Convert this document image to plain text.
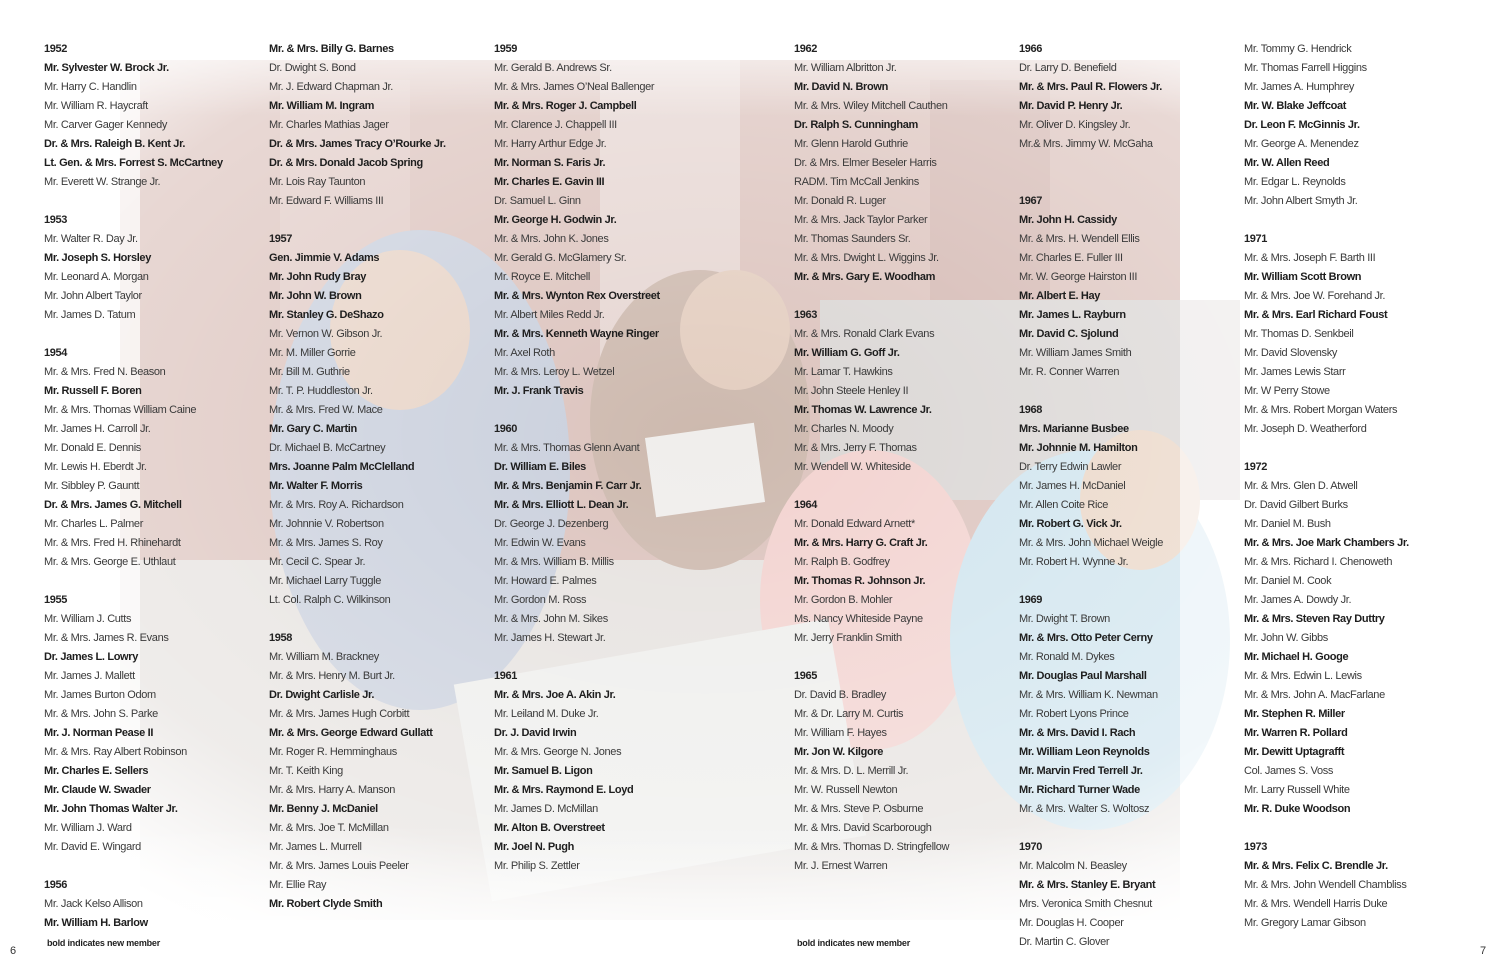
1952
Mr. Sylvester W. Brock Jr.
Mr. Harry C. Handlin
Mr. William R. Haycraft
Mr. Carver Gager Kennedy
Dr. & Mrs. Raleigh B. Kent Jr.
Lt. Gen. & Mrs. Forrest S. McCartney
Mr. Everett W. Strange Jr.
1953
Mr. Walter R. Day Jr.
Mr. Joseph S. Horsley
Mr. Leonard A. Morgan
Mr. John Albert Taylor
Mr. James D. Tatum
1954
Mr. & Mrs. Fred N. Beason
Mr. Russell F. Boren
Mr. & Mrs. Thomas William Caine
Mr. James H. Carroll Jr.
Mr. Donald E. Dennis
Mr. Lewis H. Eberdt Jr.
Mr. Sibbley P. Gauntt
Dr. & Mrs. James G. Mitchell
Mr. Charles L. Palmer
Mr. & Mrs. Fred H. Rhinehardt
Mr. & Mrs. George E. Uthlaut
1955
Mr. William J. Cutts
Mr. & Mrs. James R. Evans
Dr. James L. Lowry
Mr. James J. Mallett
Mr. James Burton Odom
Mr. & Mrs. John S. Parke
Mr. J. Norman Pease II
Mr. & Mrs. Ray Albert Robinson
Mr. Charles E. Sellers
Mr. Claude W. Swader
Mr. John Thomas Walter Jr.
Mr. William J. Ward
Mr. David E. Wingard
1956
Mr. Jack Kelso Allison
Mr. William H. Barlow
Mr. & Mrs. Billy G. Barnes
Dr. Dwight S. Bond
Mr. J. Edward Chapman Jr.
Mr. William M. Ingram
Mr. Charles Mathias Jager
Dr. & Mrs. James Tracy O’Rourke Jr.
Dr. & Mrs. Donald Jacob Spring
Mr. Lois Ray Taunton
Mr. Edward F. Williams III
1957
Gen. Jimmie V. Adams
Mr. John Rudy Bray
Mr. John W. Brown
Mr. Stanley G. DeShazo
Mr. Vernon W. Gibson Jr.
Mr. M. Miller Gorrie
Mr. Bill M. Guthrie
Mr. T. P. Huddleston Jr.
Mr. & Mrs. Fred W. Mace
Mr. Gary C. Martin
Dr. Michael B. McCartney
Mrs. Joanne Palm McClelland
Mr. Walter F. Morris
Mr. & Mrs. Roy A. Richardson
Mr. Johnnie V. Robertson
Mr. & Mrs. James S. Roy
Mr. Cecil C. Spear Jr.
Mr. Michael Larry Tuggle
Lt. Col. Ralph C. Wilkinson
1958
Mr. William M. Brackney
Mr. & Mrs. Henry M. Burt Jr.
Dr. Dwight Carlisle Jr.
Mr. & Mrs. James Hugh Corbitt
Mr. & Mrs. George Edward Gullatt
Mr. Roger R. Hemminghaus
Mr. T. Keith King
Mr. & Mrs. Harry A. Manson
Mr. Benny J. McDaniel
Mr. & Mrs. Joe T. McMillan
Mr. James L. Murrell
Mr. & Mrs. James Louis Peeler
Mr. Ellie Ray
Mr. Robert Clyde Smith
1959
Mr. Gerald B. Andrews Sr.
Mr. & Mrs. James O’Neal Ballenger
Mr. & Mrs. Roger J. Campbell
Mr. Clarence J. Chappell III
Mr. Harry Arthur Edge Jr.
Mr. Norman S. Faris Jr.
Mr. Charles E. Gavin III
Dr. Samuel L. Ginn
Mr. George H. Godwin Jr.
Mr. & Mrs. John K. Jones
Mr. Gerald G. McGlamery Sr.
Mr. Royce E. Mitchell
Mr. & Mrs. Wynton Rex Overstreet
Mr. Albert Miles Redd Jr.
Mr. & Mrs. Kenneth Wayne Ringer
Mr. Axel Roth
Mr. & Mrs. Leroy L. Wetzel
Mr. J. Frank Travis
1960
Mr. & Mrs. Thomas Glenn Avant
Dr. William E. Biles
Mr. & Mrs. Benjamin F. Carr Jr.
Mr. & Mrs. Elliott L. Dean Jr.
Dr. George J. Dezenberg
Mr. Edwin W. Evans
Mr. & Mrs. William B. Millis
Mr. Howard E. Palmes
Mr. Gordon M. Ross
Mr. & Mrs. John M. Sikes
Mr. James H. Stewart Jr.
1961
Mr. & Mrs. Joe A. Akin Jr.
Mr. Leiland M. Duke Jr.
Dr. J. David Irwin
Mr. & Mrs. George N. Jones
Mr. Samuel B. Ligon
Mr. & Mrs. Raymond E. Loyd
Mr. James D. McMillan
Mr. Alton B. Overstreet
Mr. Joel N. Pugh
Mr. Philip S. Zettler
1962
Mr. William Albritton Jr.
Mr. David N. Brown
Mr. & Mrs. Wiley Mitchell Cauthen
Dr. Ralph S. Cunningham
Mr. Glenn Harold Guthrie
Dr. & Mrs. Elmer Beseler Harris
RADM. Tim McCall Jenkins
Mr. Donald R. Luger
Mr. & Mrs. Jack Taylor Parker
Mr. Thomas Saunders Sr.
Mr. & Mrs. Dwight L. Wiggins Jr.
Mr. & Mrs. Gary E. Woodham
1963
Mr. & Mrs. Ronald Clark Evans
Mr. William G. Goff Jr.
Mr. Lamar T. Hawkins
Mr. John Steele Henley II
Mr. Thomas W. Lawrence Jr.
Mr. Charles N. Moody
Mr. & Mrs. Jerry F. Thomas
Mr. Wendell W. Whiteside
1964
Mr. Donald Edward Arnett*
Mr. & Mrs. Harry G. Craft Jr.
Mr. Ralph B. Godfrey
Mr. Thomas R. Johnson Jr.
Mr. Gordon B. Mohler
Ms. Nancy Whiteside Payne
Mr. Jerry Franklin Smith
1965
Dr. David B. Bradley
Mr. & Dr. Larry M. Curtis
Mr. William F. Hayes
Mr. Jon W. Kilgore
Mr. & Mrs. D. L. Merrill Jr.
Mr. W. Russell Newton
Mr. & Mrs. Steve P. Osburne
Mr. & Mrs. David Scarborough
Mr. & Mrs. Thomas D. Stringfellow
Mr. J. Ernest Warren
1966
Dr. Larry D. Benefield
Mr. & Mrs. Paul R. Flowers Jr.
Mr. David P. Henry Jr.
Mr. Oliver D. Kingsley Jr.
Mr.& Mrs. Jimmy W. McGaha
1967
Mr. John H. Cassidy
Mr. & Mrs. H. Wendell Ellis
Mr. Charles E. Fuller III
Mr. W. George Hairston III
Mr. Albert E. Hay
Mr. James L. Rayburn
Mr. David C. Sjolund
Mr. William James Smith
Mr. R. Conner Warren
1968
Mrs. Marianne Busbee
Mr. Johnnie M. Hamilton
Dr. Terry Edwin Lawler
Mr. James H. McDaniel
Mr. Allen Coite Rice
Mr. Robert G. Vick Jr.
Mr. & Mrs. John Michael Weigle
Mr. Robert H. Wynne Jr.
1969
Mr. Dwight T. Brown
Mr. & Mrs. Otto Peter Cerny
Mr. Ronald M. Dykes
Mr. Douglas Paul Marshall
Mr. & Mrs. William K. Newman
Mr. Robert Lyons Prince
Mr. & Mrs. David I. Rach
Mr. William Leon Reynolds
Mr. Marvin Fred Terrell Jr.
Mr. Richard Turner Wade
Mr. & Mrs. Walter S. Woltosz
1970
Mr. Malcolm N. Beasley
Mr. & Mrs. Stanley E. Bryant
Mrs. Veronica Smith Chesnut
Mr. Douglas H. Cooper
Dr. Martin C. Glover
Mr. Tommy G. Hendrick
Mr. Thomas Farrell Higgins
Mr. James A. Humphrey
Mr. W. Blake Jeffcoat
Dr. Leon F. McGinnis Jr.
Mr. George A. Menendez
Mr. W. Allen Reed
Mr. Edgar L. Reynolds
Mr. John Albert Smyth Jr.
1971
Mr. & Mrs. Joseph F. Barth III
Mr. William Scott Brown
Mr. & Mrs. Joe W. Forehand Jr.
Mr. & Mrs. Earl Richard Foust
Mr. Thomas D. Senkbeil
Mr. David Slovensky
Mr. James Lewis Starr
Mr. W Perry Stowe
Mr. & Mrs. Robert Morgan Waters
Mr. Joseph D. Weatherford
1972
Mr. & Mrs. Glen D. Atwell
Dr. David Gilbert Burks
Mr. Daniel M. Bush
Mr. & Mrs. Joe Mark Chambers Jr.
Mr. & Mrs. Richard I. Chenoweth
Mr. Daniel M. Cook
Mr. James A. Dowdy Jr.
Mr. & Mrs. Steven Ray Duttry
Mr. John W. Gibbs
Mr. Michael H. Googe
Mr. & Mrs. Edwin L. Lewis
Mr. & Mrs. John A. MacFarlane
Mr. Stephen R. Miller
Mr. Warren R. Pollard
Mr. Dewitt Uptagrafft
Col. James S. Voss
Mr. Larry Russell White
Mr. R. Duke Woodson
1973
Mr. & Mrs. Felix C. Brendle Jr.
Mr. & Mrs. John Wendell Chambliss
Mr. & Mrs. Wendell Harris Duke
Mr. Gregory Lamar Gibson
bold indicates new member	bold indicates new member
6	7
